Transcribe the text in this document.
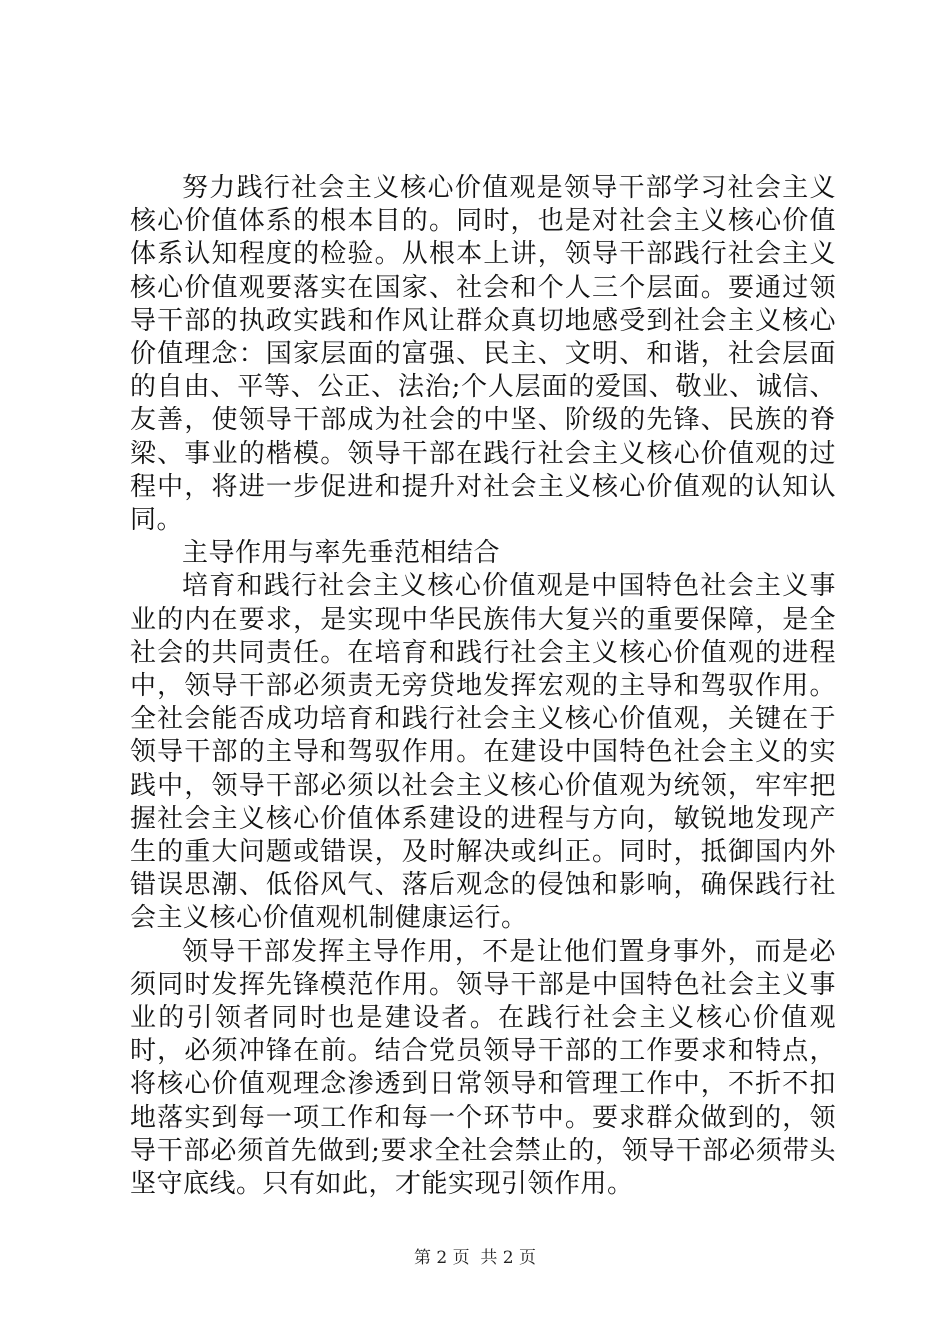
努力践行社会主义核心价值观是领导干部学习社会主义核心价值体系的根本目的。同时，也是对社会主义核心价值体系认知程度的检验。从根本上讲，领导干部践行社会主义核心价值观要落实在国家、社会和个人三个层面。要通过领导干部的执政实践和作风让群众真切地感受到社会主义核心价值理念：国家层面的富强、民主、文明、和谐，社会层面的自由、平等、公正、法治;个人层面的爱国、敬业、诚信、友善，使领导干部成为社会的中坚、阶级的先锋、民族的脊梁、事业的楷模。领导干部在践行社会主义核心价值观的过程中，将进一步促进和提升对社会主义核心价值观的认知认同。

主导作用与率先垂范相结合

培育和践行社会主义核心价值观是中国特色社会主义事业的内在要求，是实现中华民族伟大复兴的重要保障，是全社会的共同责任。在培育和践行社会主义核心价值观的进程中，领导干部必须责无旁贷地发挥宏观的主导和驾驭作用。全社会能否成功培育和践行社会主义核心价值观，关键在于领导干部的主导和驾驭作用。在建设中国特色社会主义的实践中，领导干部必须以社会主义核心价值观为统领，牢牢把握社会主义核心价值体系建设的进程与方向，敏锐地发现产生的重大问题或错误，及时解决或纠正。同时，抵御国内外错误思潮、低俗风气、落后观念的侵蚀和影响，确保践行社会主义核心价值观机制健康运行。

领导干部发挥主导作用，不是让他们置身事外，而是必须同时发挥先锋模范作用。领导干部是中国特色社会主义事业的引领者同时也是建设者。在践行社会主义核心价值观时，必须冲锋在前。结合党员领导干部的工作要求和特点，将核心价值观理念渗透到日常领导和管理工作中，不折不扣地落实到每一项工作和每一个环节中。要求群众做到的，领导干部必须首先做到;要求全社会禁止的，领导干部必须带头坚守底线。只有如此，才能实现引领作用。

第 2 页  共 2 页
